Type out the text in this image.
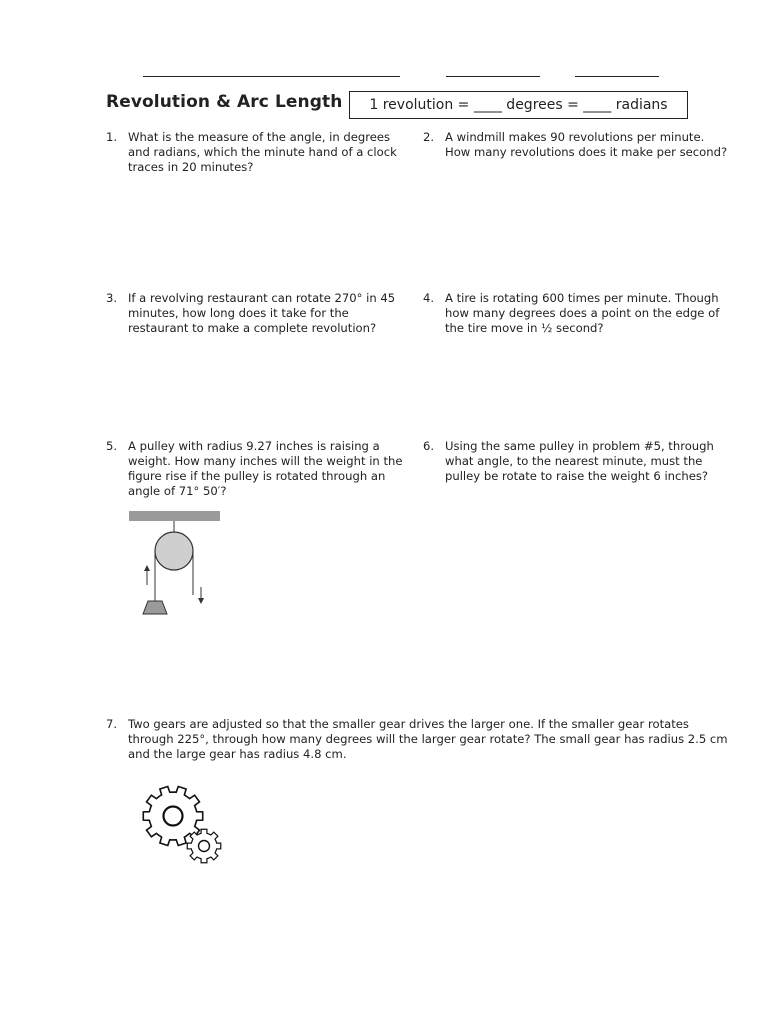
Revolution & Arc Length 1 revolution = ____ degrees = ____ radians
1. What is the measure of the angle, in degrees and radians, which the minute hand of a clock traces in 20 minutes?
2. A windmill makes 90 revolutions per minute. How many revolutions does it make per second?
3. If a revolving restaurant can rotate 270° in 45 minutes, how long does it take for the restaurant to make a complete revolution?
4. A tire is rotating 600 times per minute. Though how many degrees does a point on the edge of the tire move in ½ second?
5. A pulley with radius 9.27 inches is raising a weight. How many inches will the weight in the figure rise if the pulley is rotated through an angle of 71° 50′?
6. Using the same pulley in problem #5, through what angle, to the nearest minute, must the pulley be rotate to raise the weight 6 inches?
7. Two gears are adjusted so that the smaller gear drives the larger one. If the smaller gear rotates through 225°, through how many degrees will the larger gear rotate? The small gear has radius 2.5 cm and the large gear has radius 4.8 cm.
